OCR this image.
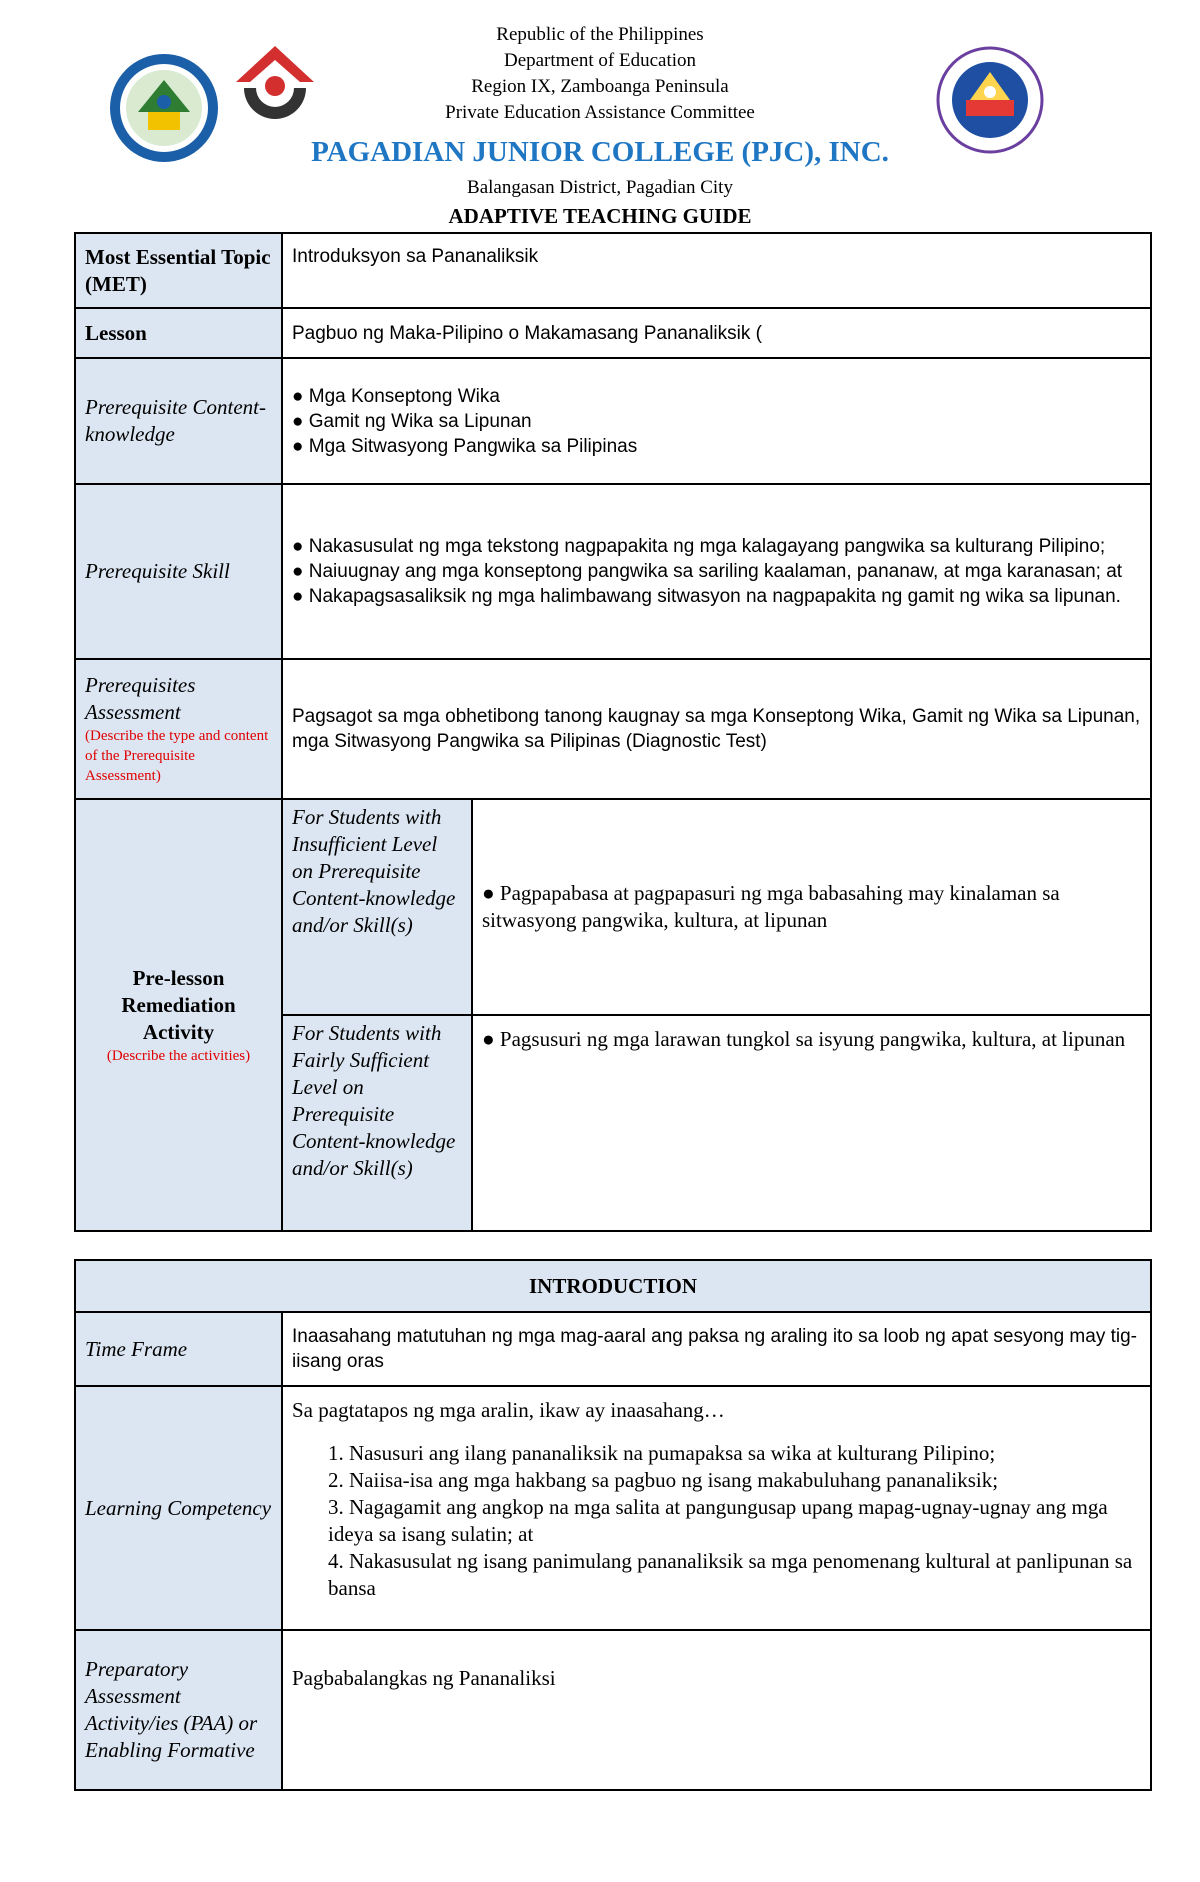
Republic of the Philippines
Department of Education
Region IX, Zamboanga Peninsula
Private Education Assistance Committee
PAGADIAN JUNIOR COLLEGE (PJC), INC.
Balangasan District, Pagadian City
ADAPTIVE TEACHING GUIDE
Most Essential Topic (MET)	Introduksyon sa Pananaliksik	
Lesson	Pagbuo ng Maka-Pilipino o Makamasang Pananaliksik (	
Prerequisite Content-knowledge	● Mga Konseptong Wika
● Gamit ng Wika sa Lipunan
● Mga Sitwasyong Pangwika sa Pilipinas	

Prerequisite Skill	● Nakasusulat ng mga tekstong nagpapakita ng mga kalagayang pangwika sa kulturang Pilipino;
● Naiuugnay ang mga konseptong pangwika sa sariling kaalaman, pananaw, at mga karanasan; at
● Nakapagsasaliksik ng mga halimbawang sitwasyon na nagpapakita ng gamit ng wika sa lipunan.	

Prerequisites Assessment
(Describe the type and content of the Prerequisite Assessment)	Pagsagot sa mga obhetibong tanong kaugnay sa mga Konseptong Wika, Gamit ng Wika sa Lipunan, mga Sitwasyong Pangwika sa Pilipinas (Diagnostic Test)	

Pre-lesson Remediation Activity
(Describe the activities)	For Students with Insufficient Level on Prerequisite Content-knowledge and/or Skill(s)	● Pagpapabasa at pagpapasuri ng mga babasahing may kinalaman sa sitwasyong pangwika, kultura, at lipunan
	For Students with Fairly Sufficient Level on Prerequisite Content-knowledge and/or Skill(s)	● Pagsusuri ng mga larawan tungkol sa isyung pangwika, kultura, at lipunan
INTRODUCTION	
Time Frame	Inaasahang matutuhan ng mga mag-aaral ang paksa ng araling ito sa loob ng apat sesyong may tig-iisang oras
Learning Competency	Sa pagtatapos ng mga aralin, ikaw ay inaasahang…
1. Nasusuri ang ilang pananaliksik na pumapaksa sa wika at kulturang Pilipino;
2. Naiisa-isa ang mga hakbang sa pagbuo ng isang makabuluhang pananaliksik;
3. Nagagamit ang angkop na mga salita at pangungusap upang mapag-ugnay-ugnay ang mga ideya sa isang sulatin; at
4. Nakasusulat ng isang panimulang pananaliksik sa mga penomenang kultural at panlipunan sa bansa

Preparatory Assessment Activity/ies (PAA) or Enabling Formative	Pagbabalangkas ng Pananaliksi
